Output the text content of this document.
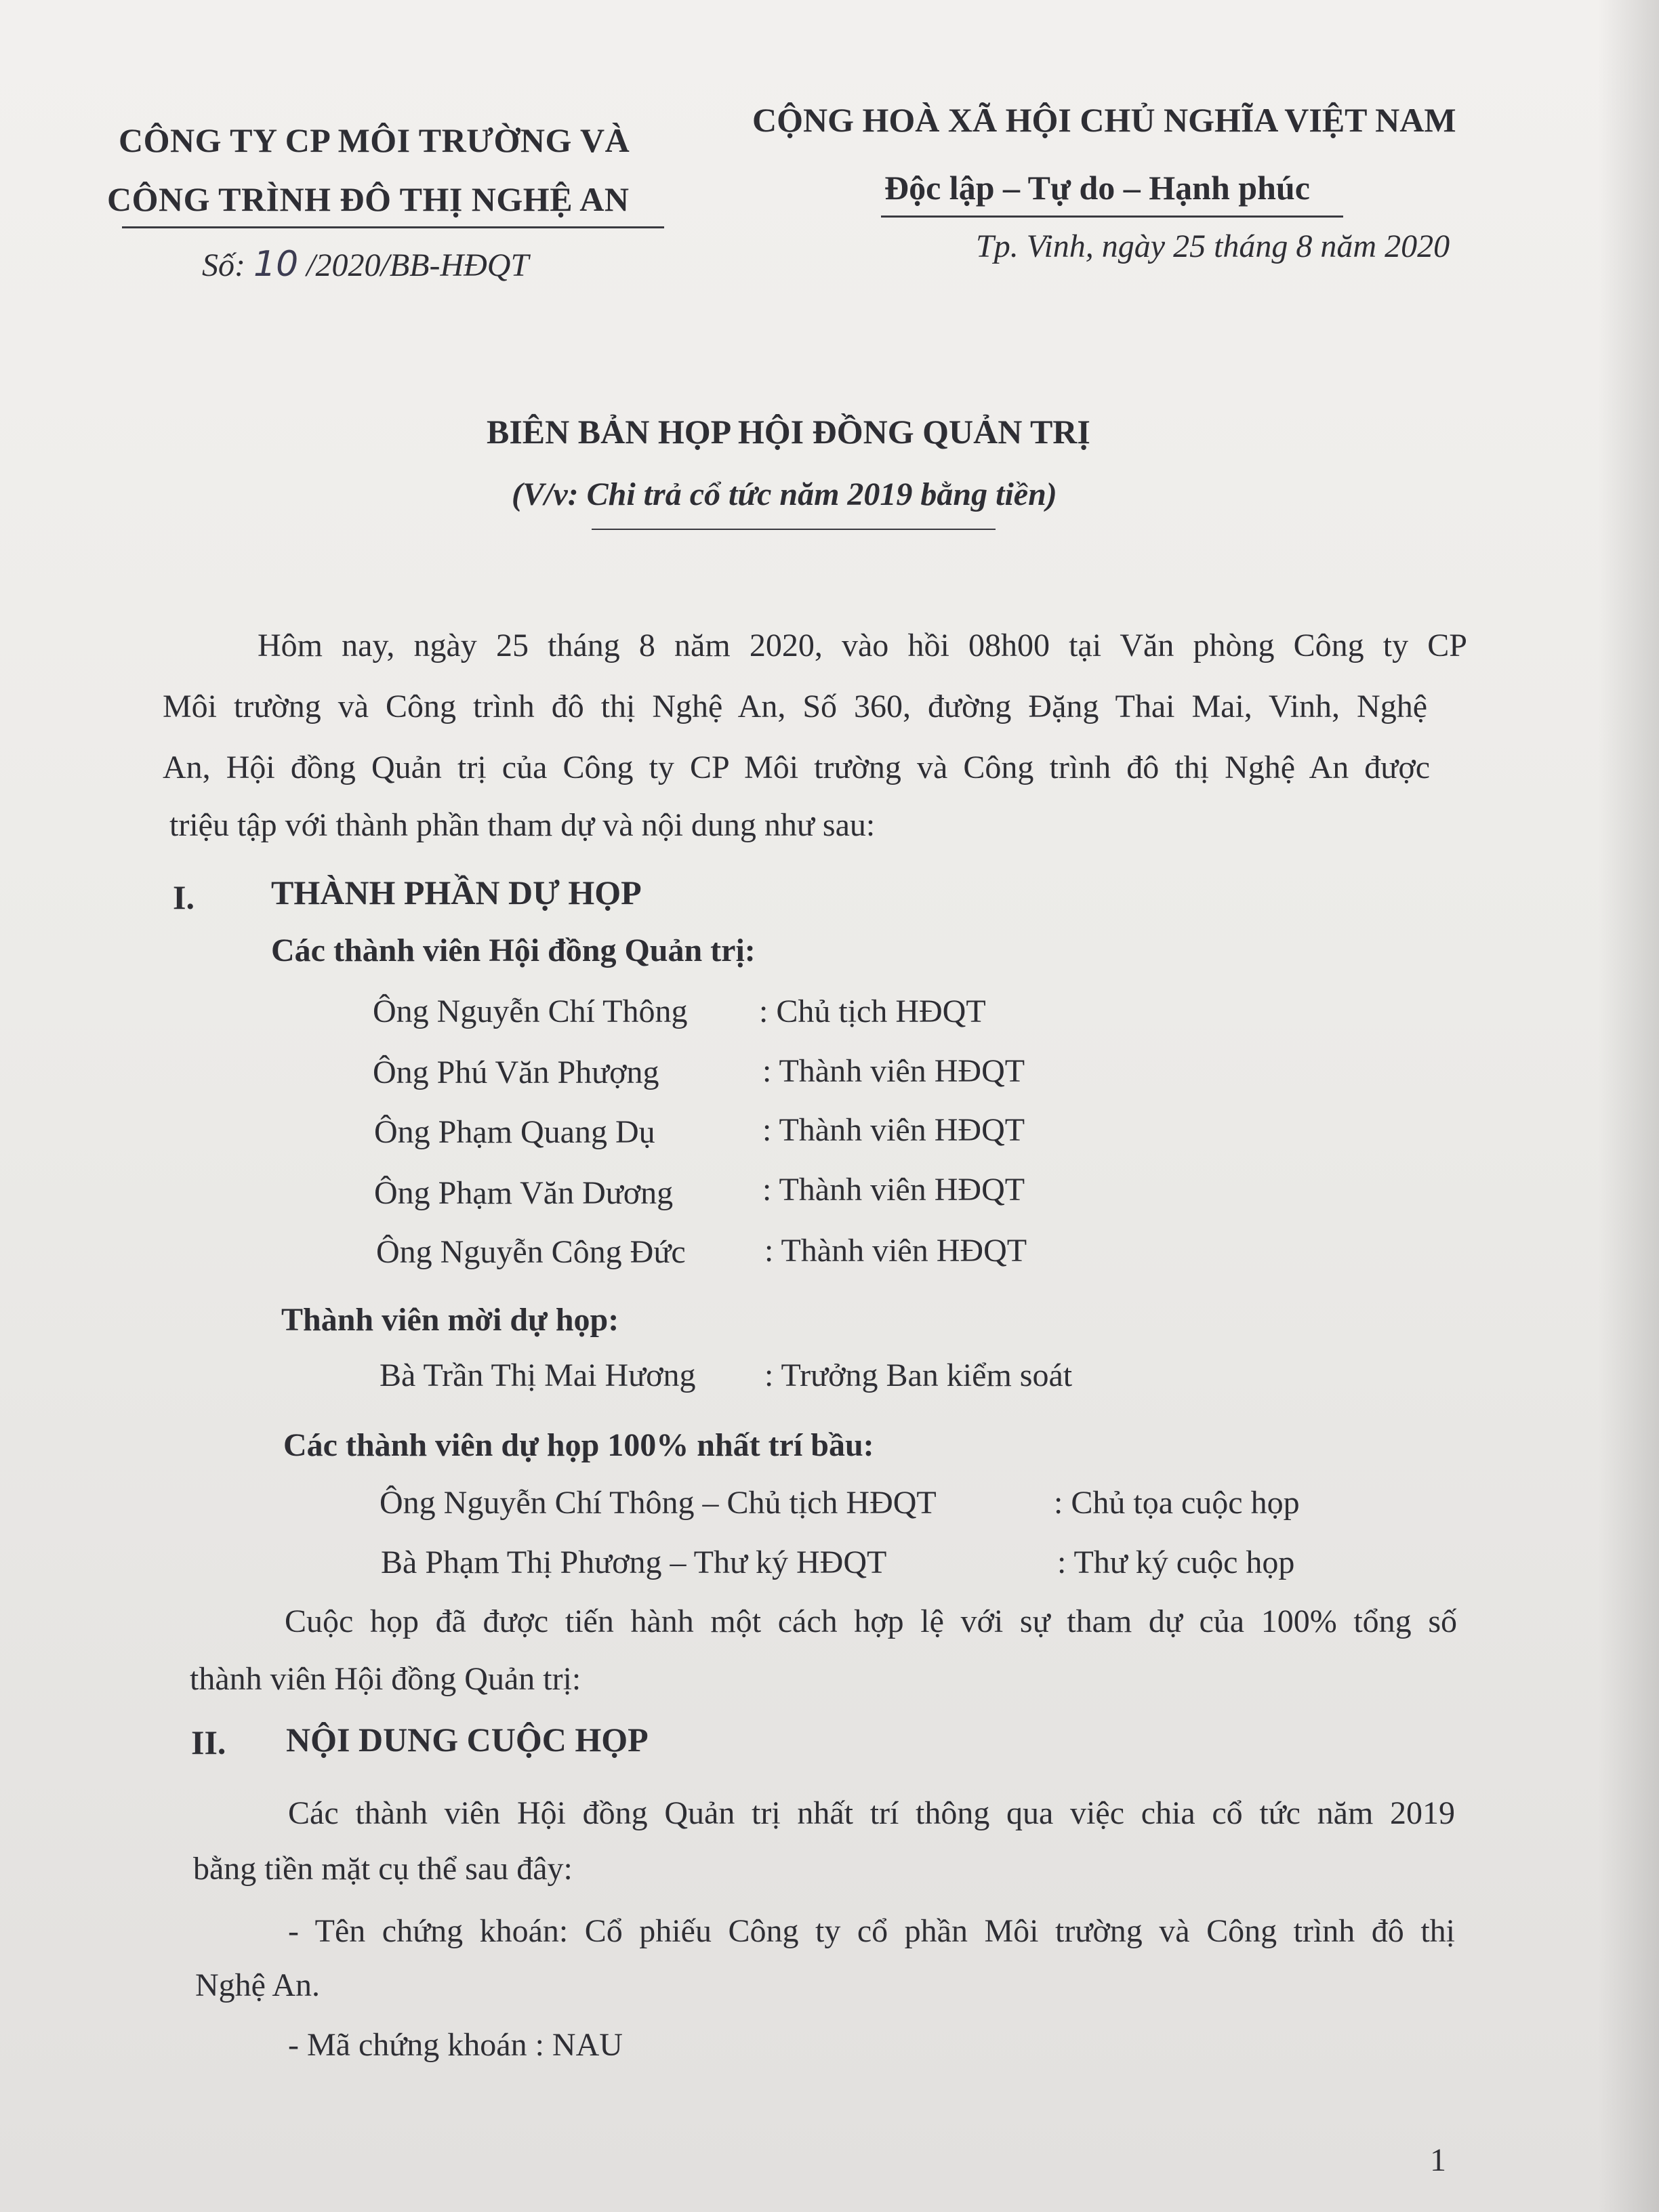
CÔNG TY CP MÔI TRƯỜNG VÀ
CÔNG TRÌNH ĐÔ THỊ NGHỆ AN
Số: 10 /2020/BB-HĐQT
CỘNG HOÀ XÃ HỘI CHỦ NGHĨA VIỆT NAM
Độc lập – Tự do – Hạnh phúc
Tp. Vinh, ngày 25 tháng 8 năm 2020
BIÊN BẢN HỌP HỘI ĐỒNG QUẢN TRỊ
(V/v: Chi trả cổ tức năm 2019 bằng tiền)
Hôm nay, ngày 25 tháng 8 năm 2020, vào hồi 08h00 tại Văn phòng Công ty CP
Môi trường và Công trình đô thị Nghệ An, Số 360, đường Đặng Thai Mai, Vinh, Nghệ
An, Hội đồng Quản trị của Công ty CP Môi trường và Công trình đô thị Nghệ An được
triệu tập với thành phần tham dự và nội dung như sau:
I. THÀNH PHẦN DỰ HỌP
Các thành viên Hội đồng Quản trị:
Ông Nguyễn Chí Thông : Chủ tịch HĐQT
Ông Phú Văn Phượng	: Thành viên HĐQT
Ông Phạm Quang Dụ	: Thành viên HĐQT
Ông Phạm Văn Dương	: Thành viên HĐQT
Ông Nguyễn Công Đức : Thành viên HĐQT
Thành viên mời dự họp:
Bà Trần Thị Mai Hương : Trưởng Ban kiểm soát
Các thành viên dự họp 100% nhất trí bầu:
Ông Nguyễn Chí Thông – Chủ tịch HĐQT	: Chủ tọa cuộc họp
Bà Phạm Thị Phương – Thư ký HĐQT	: Thư ký cuộc họp
Cuộc họp đã được tiến hành một cách hợp lệ với sự tham dự của 100% tổng số
thành viên Hội đồng Quản trị:
II. NỘI DUNG CUỘC HỌP
Các thành viên Hội đồng Quản trị nhất trí thông qua việc chia cổ tức năm 2019
bằng tiền mặt cụ thể sau đây:
- Tên chứng khoán: Cổ phiếu Công ty cổ phần Môi trường và Công trình đô thị
Nghệ An.
- Mã chứng khoán : NAU
1
